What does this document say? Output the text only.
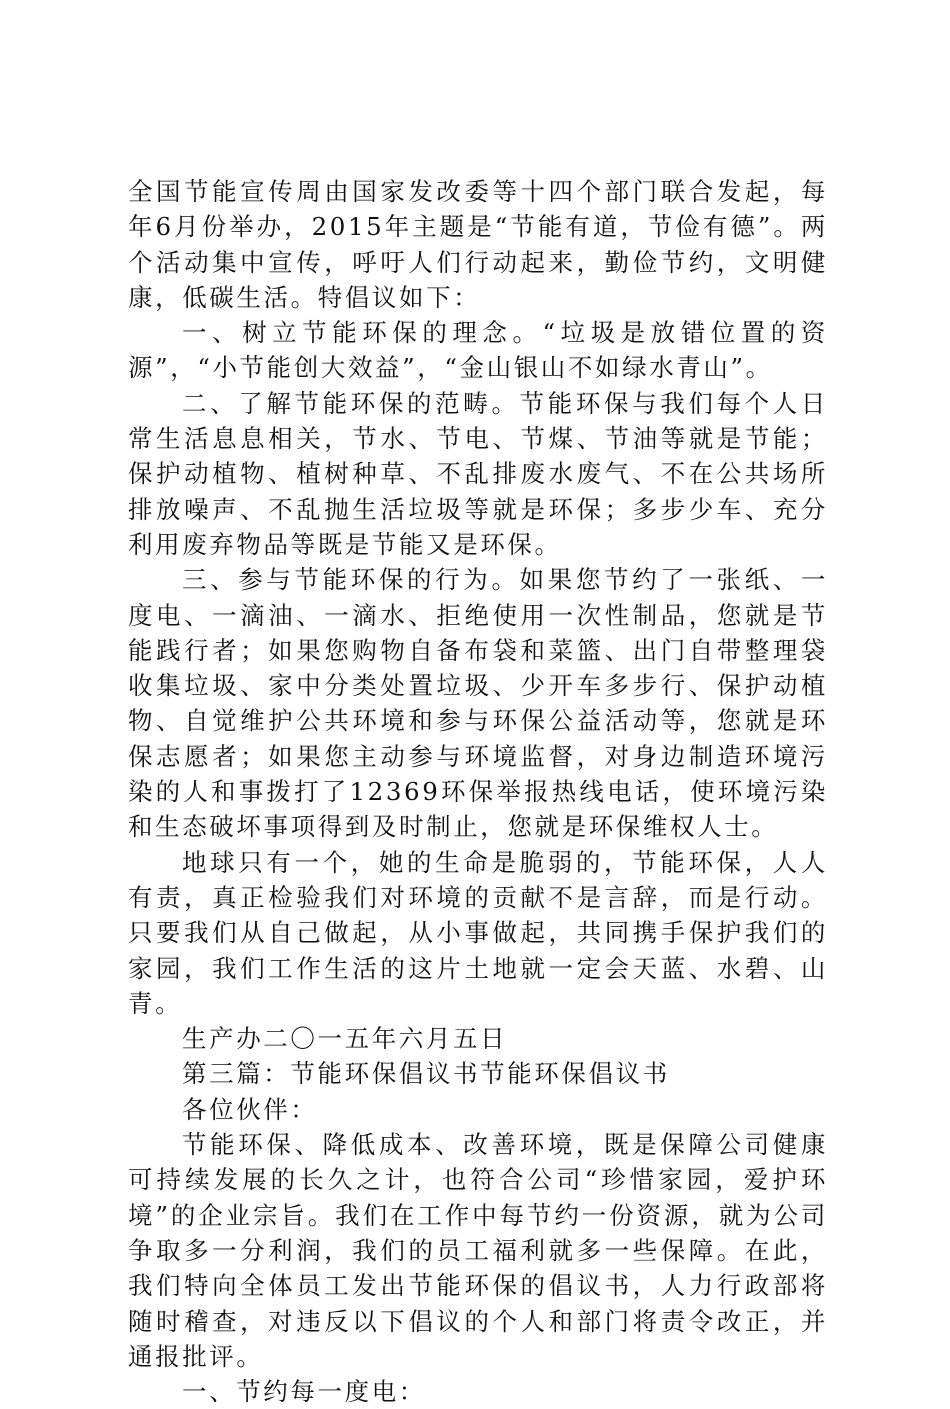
全国节能宣传周由国家发改委等十四个部门联合发起，每年6月份举办，2015年主题是“节能有道，节俭有德”。两个活动集中宣传，呼吁人们行动起来，勤俭节约，文明健康，低碳生活。特倡议如下：

一、树立节能环保的理念。“垃圾是放错位置的资源”，“小节能创大效益”，“金山银山不如绿水青山”。

二、了解节能环保的范畴。节能环保与我们每个人日常生活息息相关，节水、节电、节煤、节油等就是节能；保护动植物、植树种草、不乱排废水废气、不在公共场所排放噪声、不乱抛生活垃圾等就是环保；多步少车、充分利用废弃物品等既是节能又是环保。

三、参与节能环保的行为。如果您节约了一张纸、一度电、一滴油、一滴水、拒绝使用一次性制品，您就是节能践行者；如果您购物自备布袋和菜篮、出门自带整理袋收集垃圾、家中分类处置垃圾、少开车多步行、保护动植物、自觉维护公共环境和参与环保公益活动等，您就是环保志愿者；如果您主动参与环境监督，对身边制造环境污染的人和事拨打了12369环保举报热线电话，使环境污染和生态破坏事项得到及时制止，您就是环保维权人士。

地球只有一个，她的生命是脆弱的，节能环保，人人有责，真正检验我们对环境的贡献不是言辞，而是行动。只要我们从自己做起，从小事做起，共同携手保护我们的家园，我们工作生活的这片土地就一定会天蓝、水碧、山青。

生产办二〇一五年六月五日

第三篇：节能环保倡议书节能环保倡议书

各位伙伴：

节能环保、降低成本、改善环境，既是保障公司健康可持续发展的长久之计，也符合公司“珍惜家园，爱护环境”的企业宗旨。我们在工作中每节约一份资源，就为公司争取多一分利润，我们的员工福利就多一些保障。在此，我们特向全体员工发出节能环保的倡议书，人力行政部将随时稽查，对违反以下倡议的个人和部门将责令改正，并通报批评。

一、节约每一度电：
